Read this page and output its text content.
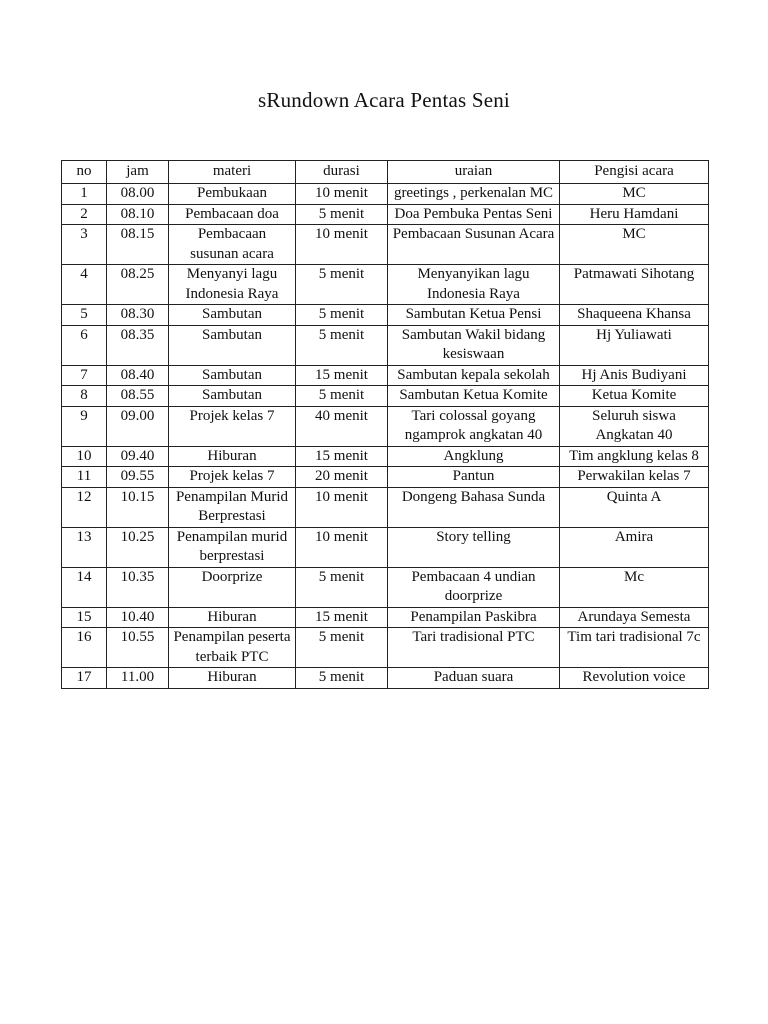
sRundown Acara Pentas Seni
no	jam	materi	durasi	uraian	Pengisi acara
1	08.00	Pembukaan	10 menit	greetings , perkenalan MC	MC
2	08.10	Pembacaan doa	5 menit	Doa Pembuka Pentas Seni	Heru Hamdani
3	08.15	Pembacaan susunan acara	10 menit	Pembacaan Susunan Acara	MC
4	08.25	Menyanyi lagu Indonesia Raya	5 menit	Menyanyikan lagu Indonesia Raya	Patmawati Sihotang
5	08.30	Sambutan	5 menit	Sambutan Ketua Pensi	Shaqueena Khansa
6	08.35	Sambutan	5 menit	Sambutan Wakil bidang kesiswaan	Hj Yuliawati
7	08.40	Sambutan	15 menit	Sambutan kepala sekolah	Hj Anis Budiyani
8	08.55	Sambutan	5 menit	Sambutan Ketua Komite	Ketua Komite
9	09.00	Projek kelas 7	40 menit	Tari colossal goyang ngamprok angkatan 40	Seluruh siswa Angkatan 40
10	09.40	Hiburan	15 menit	Angklung	Tim angklung kelas 8
11	09.55	Projek kelas 7	20 menit	Pantun	Perwakilan kelas 7
12	10.15	Penampilan Murid Berprestasi	10 menit	Dongeng Bahasa Sunda	Quinta A
13	10.25	Penampilan murid berprestasi	10 menit	Story telling	Amira
14	10.35	Doorprize	5 menit	Pembacaan 4 undian doorprize	Mc
15	10.40	Hiburan	15 menit	Penampilan Paskibra	Arundaya Semesta
16	10.55	Penampilan peserta terbaik PTC	5 menit	Tari tradisional PTC	Tim tari tradisional 7c
17	11.00	Hiburan	5 menit	Paduan suara	Revolution voice
